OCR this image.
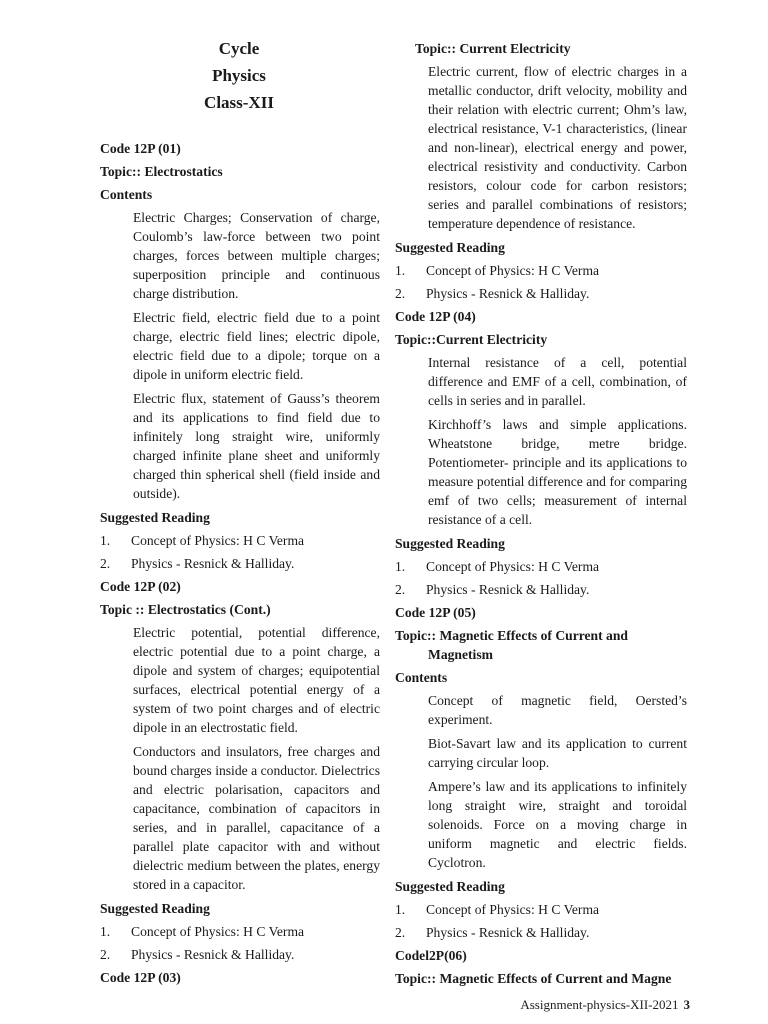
Cycle
Physics
Class-XII
Code 12P (01)
Topic:: Electrostatics
Contents

Electric Charges; Conservation of charge, Coulomb’s law-force between two point charges, forces between multiple charges; superposition principle and continuous charge distribution.

Electric field, electric field due to a point charge, electric field lines; electric dipole, electric field due to a dipole; torque on a dipole in uniform electric field.

Electric flux, statement of Gauss’s theorem and its applications to find field due to infinitely long straight wire, uniformly charged infinite plane sheet and uniformly charged thin spherical shell (field inside and outside).

Suggested Reading
1.	Concept of Physics: H C Verma
2.	Physics - Resnick & Halliday.
Code 12P (02)
Topic :: Electrostatics (Cont.)

Electric potential, potential difference, electric potential due to a point charge, a dipole and system of charges; equipotential surfaces, electrical potential energy of a system of two point charges and of electric dipole in an electrostatic field.

Conductors and insulators, free charges and bound charges inside a conductor. Dielectrics and electric polarisation, capacitors and capacitance, combination of capacitors in series, and in parallel, capacitance of a parallel plate capacitor with and without dielectric medium between the plates, energy stored in a capacitor.

Suggested Reading
1.	Concept of Physics: H C Verma
2.	Physics - Resnick & Halliday.
Code 12P (03)
Topic:: Current Electricity

Electric current, flow of electric charges in a metallic conductor, drift velocity, mobility and their relation with electric current; Ohm’s law, electrical resistance, V-1 characteristics, (linear and non-linear), electrical energy and power, electrical resistivity and conductivity. Carbon resistors, colour code for carbon resistors; series and parallel combinations of resistors; temperature dependence of resistance.

Suggested Reading
1.	Concept of Physics: H C Verma
2.	Physics - Resnick & Halliday.
Code 12P (04)
Topic::Current Electricity

Internal resistance of a cell, potential difference and EMF of a cell, combination, of cells in series and in parallel.

Kirchhoff’s laws and simple applications. Wheatstone bridge, metre bridge. Potentiometer- principle and its applications to measure potential difference and for comparing emf of two cells; measurement of internal resistance of a cell.

Suggested Reading
1.	Concept of Physics: H C Verma
2.	Physics - Resnick & Halliday.
Code 12P (05)
Topic:: Magnetic Effects of Current and
Magnetism
Contents

Concept of magnetic field, Oersted’s experiment.

Biot-Savart law and its application to current carrying circular loop.

Ampere’s law and its applications to infinitely long straight wire, straight and toroidal solenoids. Force on a moving charge in uniform magnetic and electric fields. Cyclotron.

Suggested Reading
1.	Concept of Physics: H C Verma
2.	Physics - Resnick & Halliday.
Codel2P(06)
Topic:: Magnetic Effects of Current and Magne
Assignment-physics-XII-2021 3
